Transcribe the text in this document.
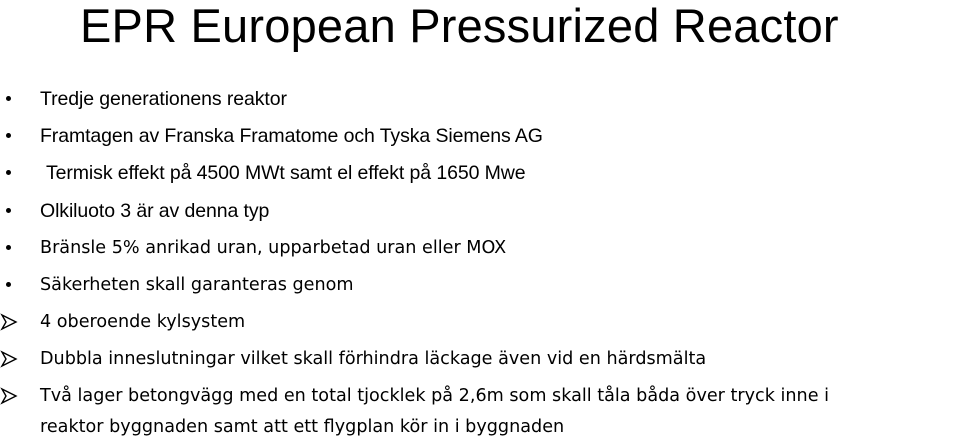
EPR European Pressurized Reactor
Tredje generationens reaktor
Framtagen av Franska Framatome och Tyska Siemens AG
Termisk effekt på 4500 MWt samt el effekt på 1650 Mwe
Olkiluoto 3 är av denna typ
Bränsle 5% anrikad uran, upparbetad uran eller MOX
Säkerheten skall garanteras genom
4 oberoende kylsystem
Dubbla inneslutningar vilket skall förhindra läckage även vid en härdsmälta
Två lager betongvägg med en total tjocklek på 2,6m som skall tåla båda över tryck inne i
reaktor byggnaden samt att ett flygplan kör in i byggnaden
